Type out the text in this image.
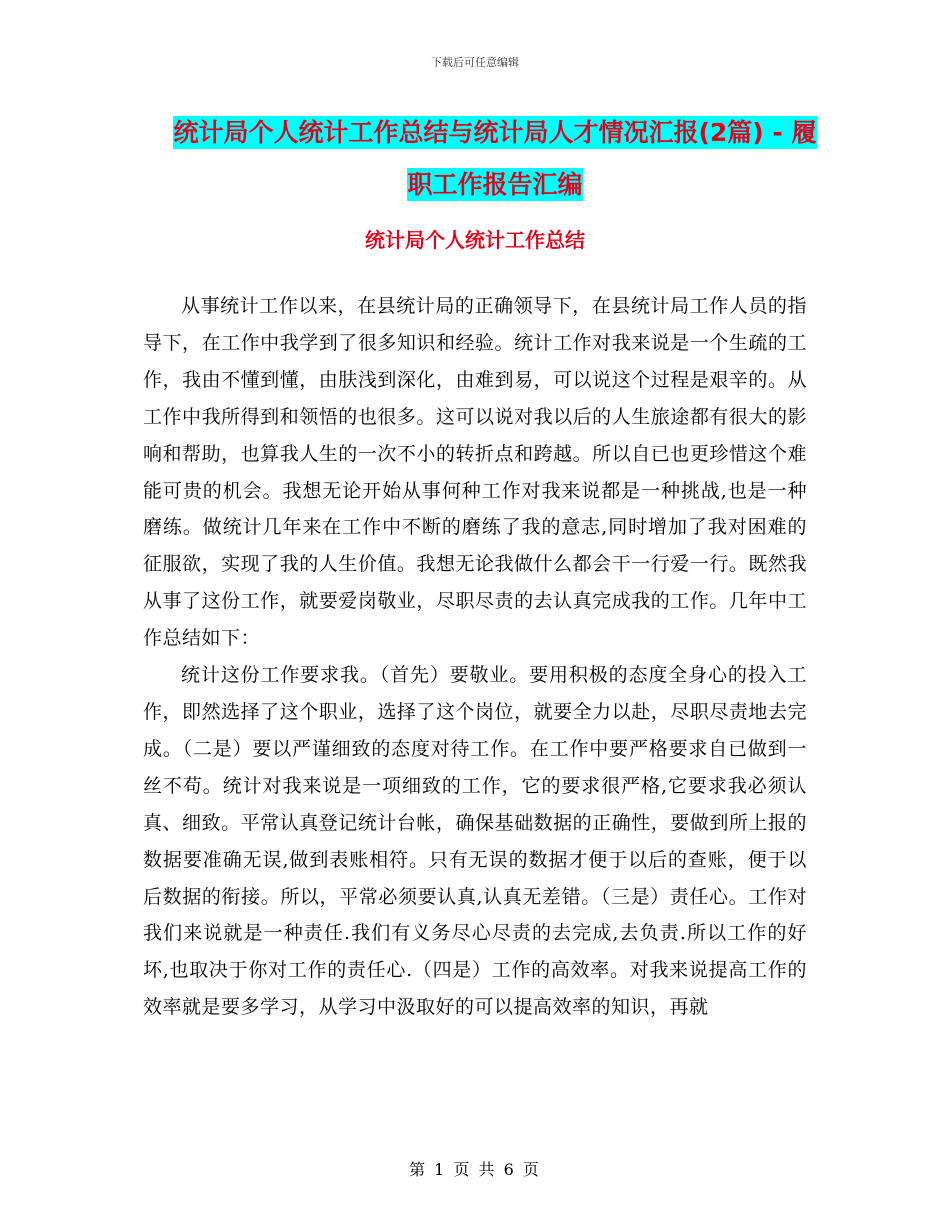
下载后可任意编辑
统计局个人统计工作总结与统计局人才情况汇报(2篇) - 履职工作报告汇编
统计局个人统计工作总结

从事统计工作以来，在县统计局的正确领导下，在县统计局工作人员的指导下，在工作中我学到了很多知识和经验。统计工作对我来说是一个生疏的工作，我由不懂到懂，由肤浅到深化，由难到易，可以说这个过程是艰辛的。从工作中我所得到和领悟的也很多。这可以说对我以后的人生旅途都有很大的影响和帮助，也算我人生的一次不小的转折点和跨越。所以自已也更珍惜这个难能可贵的机会。我想无论开始从事何种工作对我来说都是一种挑战,也是一种磨练。做统计几年来在工作中不断的磨练了我的意志,同时增加了我对困难的征服欲，实现了我的人生价值。我想无论我做什么都会干一行爱一行。既然我从事了这份工作，就要爱岗敬业，尽职尽责的去认真完成我的工作。几年中工作总结如下：

统计这份工作要求我。（首先）要敬业。要用积极的态度全身心的投入工作，即然选择了这个职业，选择了这个岗位，就要全力以赴，尽职尽责地去完成。（二是）要以严谨细致的态度对待工作。在工作中要严格要求自已做到一丝不苟。统计对我来说是一项细致的工作，它的要求很严格,它要求我必须认真、细致。平常认真登记统计台帐，确保基础数据的正确性，要做到所上报的数据要准确无误,做到表账相符。只有无误的数据才便于以后的查账，便于以后数据的衔接。所以，平常必须要认真,认真无差错。（三是）责任心。工作对我们来说就是一种责任.我们有义务尽心尽责的去完成,去负责.所以工作的好坏,也取决于你对工作的责任心.（四是）工作的高效率。对我来说提高工作的效率就是要多学习，从学习中汲取好的可以提高效率的知识，再就

第 1 页 共 6 页
